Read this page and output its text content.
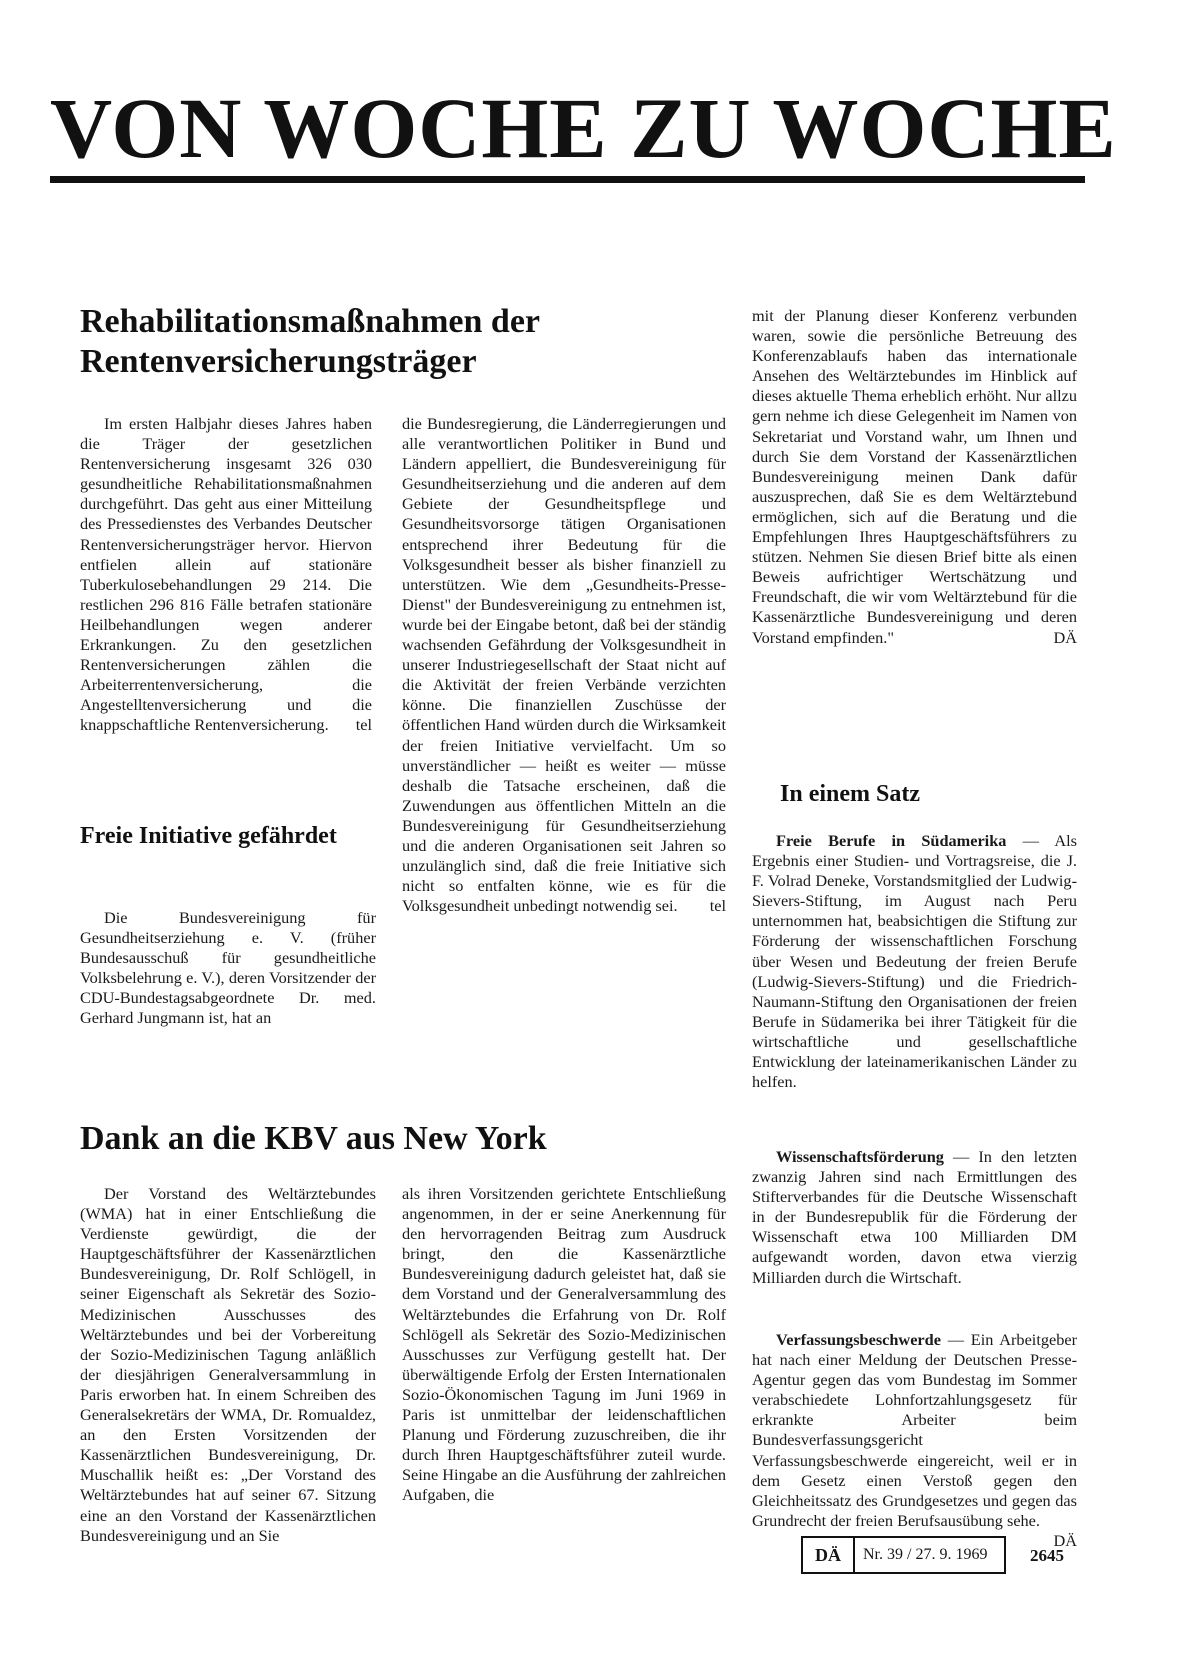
VON WOCHE ZU WOCHE
Rehabilitationsmaßnahmen der Rentenversicherungsträger

Im ersten Halbjahr dieses Jahres haben die Träger der gesetzlichen Rentenversicherung insgesamt 326 030 gesundheitliche Rehabilitationsmaßnahmen durchgeführt. Das geht aus einer Mitteilung des Pressedienstes des Verbandes Deutscher Rentenversicherungsträger hervor. Hiervon entfielen allein auf stationäre Tuberkulosebehandlungen 29 214. Die restlichen 296 816 Fälle betrafen stationäre Heilbehandlungen wegen anderer Erkrankungen. Zu den gesetzlichen Rentenversicherungen zählen die Arbeiterrentenversicherung, die Angestelltenversicherung und die knappschaftliche Rentenversicherung.	tel

Freie Initiative gefährdet

Die Bundesvereinigung für Gesundheitserziehung e. V. (früher Bundesausschuß für gesundheitliche Volksbelehrung e. V.), deren Vorsitzender der CDU-Bundestagsabgeordnete Dr. med. Gerhard Jungmann ist, hat an

die Bundesregierung, die Länderregierungen und alle verantwortlichen Politiker in Bund und Ländern appelliert, die Bundesvereinigung für Gesundheitserziehung und die anderen auf dem Gebiete der Gesundheitspflege und Gesundheitsvorsorge tätigen Organisationen entsprechend ihrer Bedeutung für die Volksgesundheit besser als bisher finanziell zu unterstützen. Wie dem „Gesundheits-Presse-Dienst" der Bundesvereinigung zu entnehmen ist, wurde bei der Eingabe betont, daß bei der ständig wachsenden Gefährdung der Volksgesundheit in unserer Industriegesellschaft der Staat nicht auf die Aktivität der freien Verbände verzichten könne. Die finanziellen Zuschüsse der öffentlichen Hand würden durch die Wirksamkeit der freien Initiative vervielfacht. Um so unverständlicher — heißt es weiter — müsse deshalb die Tatsache erscheinen, daß die Zuwendungen aus öffentlichen Mitteln an die Bundesvereinigung für Gesundheitserziehung und die anderen Organisationen seit Jahren so unzulänglich sind, daß die freie Initiative sich nicht so entfalten könne, wie es für die Volksgesundheit unbedingt notwendig sei. tel

mit der Planung dieser Konferenz verbunden waren, sowie die persönliche Betreuung des Konferenzablaufs haben das internationale Ansehen des Weltärztebundes im Hinblick auf dieses aktuelle Thema erheblich erhöht. Nur allzu gern nehme ich diese Gelegenheit im Namen von Sekretariat und Vorstand wahr, um Ihnen und durch Sie dem Vorstand der Kassenärztlichen Bundesvereinigung meinen Dank dafür auszusprechen, daß Sie es dem Weltärztebund ermöglichen, sich auf die Beratung und die Empfehlungen Ihres Hauptgeschäftsführers zu stützen. Nehmen Sie diesen Brief bitte als einen Beweis aufrichtiger Wertschätzung und Freundschaft, die wir vom Weltärztebund für die Kassenärztliche Bundesvereinigung und deren Vorstand empfinden."	DÄ

Dank an die KBV aus New York

Der Vorstand des Weltärztebundes (WMA) hat in einer Entschließung die Verdienste gewürdigt, die der Hauptgeschäftsführer der Kassenärztlichen Bundesvereinigung, Dr. Rolf Schlögell, in seiner Eigenschaft als Sekretär des Sozio-Medizinischen Ausschusses des Weltärztebundes und bei der Vorbereitung der Sozio-Medizinischen Tagung anläßlich der diesjährigen Generalversammlung in Paris erworben hat. In einem Schreiben des Generalsekretärs der WMA, Dr. Romualdez, an den Ersten Vorsitzenden der Kassenärztlichen Bundesvereinigung, Dr. Muschallik heißt es: „Der Vorstand des Weltärztebundes hat auf seiner 67. Sitzung eine an den Vorstand der Kassenärztlichen Bundesvereinigung und an Sie

als ihren Vorsitzenden gerichtete Entschließung angenommen, in der er seine Anerkennung für den hervorragenden Beitrag zum Ausdruck bringt, den die Kassenärztliche Bundesvereinigung dadurch geleistet hat, daß sie dem Vorstand und der Generalversammlung des Weltärztebundes die Erfahrung von Dr. Rolf Schlögell als Sekretär des Sozio-Medizinischen Ausschusses zur Verfügung gestellt hat. Der überwältigende Erfolg der Ersten Internationalen Sozio-Ökonomischen Tagung im Juni 1969 in Paris ist unmittelbar der leidenschaftlichen Planung und Förderung zuzuschreiben, die ihr durch Ihren Hauptgeschäftsführer zuteil wurde. Seine Hingabe an die Ausführung der zahlreichen Aufgaben, die

In einem Satz

Freie Berufe in Südamerika — Als Ergebnis einer Studien- und Vortragsreise, die J. F. Volrad Deneke, Vorstandsmitglied der Ludwig-Sievers-Stiftung, im August nach Peru unternommen hat, beabsichtigen die Stiftung zur Förderung der wissenschaftlichen Forschung über Wesen und Bedeutung der freien Berufe (Ludwig-Sievers-Stiftung) und die Friedrich-Naumann-Stiftung den Organisationen der freien Berufe in Südamerika bei ihrer Tätigkeit für die wirtschaftliche und gesellschaftliche Entwicklung der lateinamerikanischen Länder zu helfen.

Wissenschaftsförderung — In den letzten zwanzig Jahren sind nach Ermittlungen des Stifterverbandes für die Deutsche Wissenschaft in der Bundesrepublik für die Förderung der Wissenschaft etwa 100 Milliarden DM aufgewandt worden, davon etwa vierzig Milliarden durch die Wirtschaft.

Verfassungsbeschwerde — Ein Arbeitgeber hat nach einer Meldung der Deutschen Presse-Agentur gegen das vom Bundestag im Sommer verabschiedete Lohnfortzahlungsgesetz für erkrankte Arbeiter beim Bundesverfassungsgericht Verfassungsbeschwerde eingereicht, weil er in dem Gesetz einen Verstoß gegen den Gleichheitssatz des Grundgesetzes und gegen das Grundrecht der freien Berufsausübung sehe.
DÄ

DÄ	Nr. 39 / 27. 9. 1969	2645
